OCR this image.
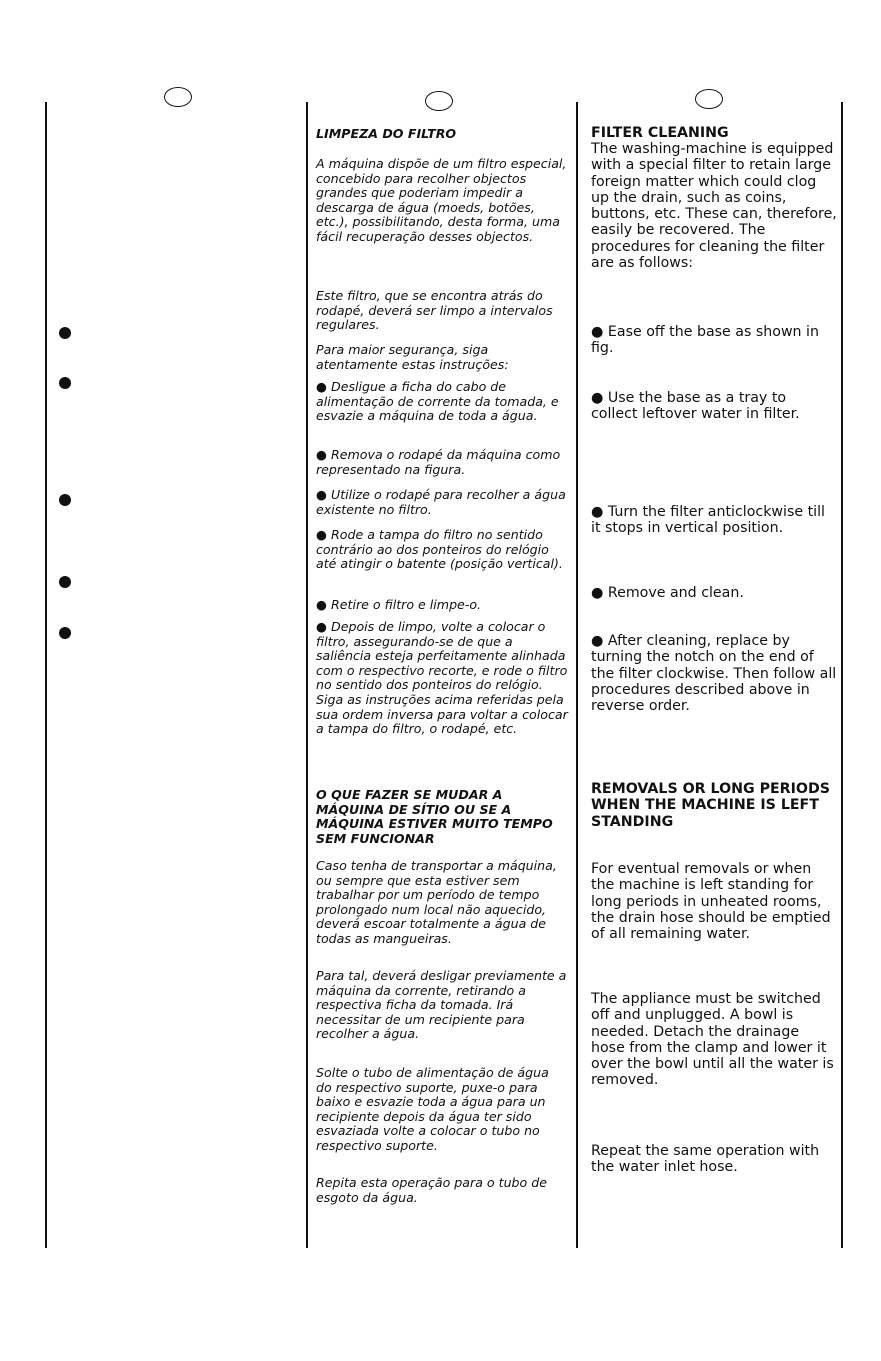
LIMPEZA DO FILTRO

A máquina dispõe de um filtro especial, concebido para recolher objectos grandes que poderiam impedir a descarga de água (moeds, botões, etc.), possibilitando, desta forma, uma fácil recuperação desses objectos.

Este filtro, que se encontra atrás do rodapé, deverá ser limpo a intervalos regulares.

Para maior segurança, siga atentamente estas instruções:

● Desligue a ficha do cabo de alimentação de corrente da tomada, e esvazie a máquina de toda a água.

● Remova o rodapé da máquina como representado na figura.

● Utilize o rodapé para recolher a água existente no filtro.

● Rode a tampa do filtro no sentido contrário ao dos ponteiros do relógio até atingir o batente (posição vertical).

● Retire o filtro e limpe-o.

● Depois de limpo, volte a colocar o filtro, assegurando-se de que a saliência esteja perfeitamente alinhada com o respectivo recorte, e rode o filtro no sentido dos ponteiros do relógio. Siga as instruções acima referidas pela sua ordem inversa para voltar a colocar a tampa do filtro, o rodapé, etc.

O QUE FAZER SE MUDAR A MÁQUINA DE SÍTIO OU SE A MÁQUINA ESTIVER MUITO TEMPO SEM FUNCIONAR

Caso tenha de transportar a máquina, ou sempre que esta estiver sem trabalhar por um período de tempo prolongado num local não aquecido, deverá escoar totalmente a água de todas as mangueiras.

Para tal, deverá desligar previamente a máquina da corrente, retirando a respectiva ficha da tomada. Irá necessitar de um recipiente para recolher a água.

Solte o tubo de alimentação de água do respectivo suporte, puxe-o para baixo e esvazie toda a água para un recipiente depois da água ter sido esvaziada volte a colocar o tubo no respectivo suporte.

Repita esta operação para o tubo de esgoto da água.

FILTER CLEANING

The washing-machine is equipped with a special filter to retain large foreign matter which could clog up the drain, such as coins, buttons, etc. These can, therefore, easily be recovered. The procedures for cleaning the filter are as follows:

● Ease off the base as shown in fig.

● Use the base as a tray to collect leftover water in filter.

● Turn the filter anticlockwise till it stops in vertical position.

● Remove and clean.

● After cleaning, replace by turning the notch on the end of the filter clockwise. Then follow all procedures described above in reverse order.

REMOVALS OR LONG PERIODS WHEN THE MACHINE IS LEFT STANDING

For eventual removals or when the machine is left standing for long periods in unheated rooms, the drain hose should be emptied of all remaining water.

The appliance must be switched off and unplugged. A bowl is needed. Detach the drainage hose from the clamp and lower it over the bowl until all the water is removed.

Repeat the same operation with the water inlet hose.
